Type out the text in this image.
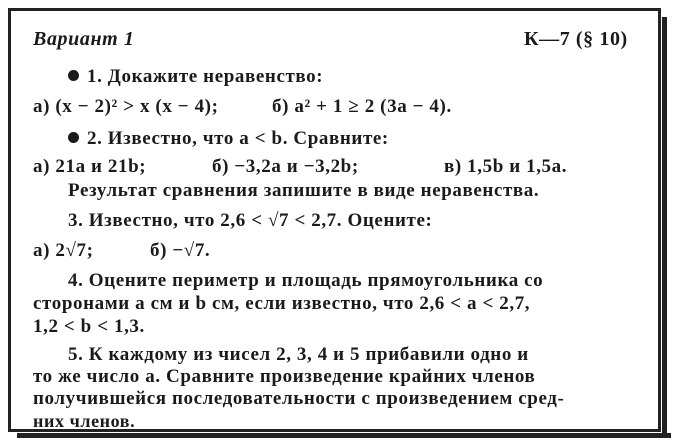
Вариант 1	К—7 (§ 10)
1. Докажите неравенство:
а) (x − 2)² > x (x − 4);	б) a² + 1 ≥ 2 (3a − 4).
2. Известно, что a < b. Сравните:
а) 21a и 21b;	б) −3,2a и −3,2b;	в) 1,5b и 1,5a.
Результат сравнения запишите в виде неравенства.
3. Известно, что 2,6 < √7 < 2,7. Оцените:
а) 2√7;	б) −√7.
4. Оцените периметр и площадь прямоугольника со
сторонами a см и b см, если известно, что 2,6 < a < 2,7,
1,2 < b < 1,3.
5. К каждому из чисел 2, 3, 4 и 5 прибавили одно и
то же число a. Сравните произведение крайних членов
получившейся последовательности с произведением сред-
них членов.
